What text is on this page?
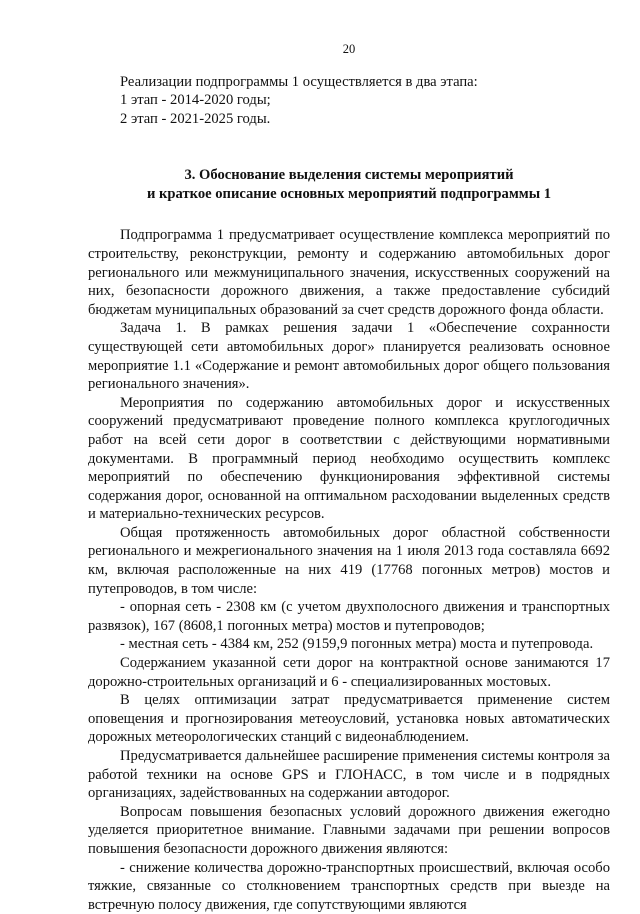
20

Реализации подпрограммы 1 осуществляется в два этапа:

1 этап - 2014-2020 годы;

2 этап - 2021-2025 годы.

3. Обоснование выделения системы мероприятий
и краткое описание основных мероприятий подпрограммы 1

Подпрограмма 1 предусматривает осуществление комплекса мероприятий по строительству, реконструкции, ремонту и содержанию автомобильных дорог регионального или межмуниципального значения, искусственных сооружений на них, безопасности дорожного движения, а также предоставление субсидий бюджетам муниципальных образований за счет средств дорожного фонда области.

Задача 1. В рамках решения задачи 1 «Обеспечение сохранности существующей сети автомобильных дорог» планируется реализовать основное мероприятие 1.1 «Содержание и ремонт автомобильных дорог общего пользования регионального значения».

Мероприятия по содержанию автомобильных дорог и искусственных сооружений предусматривают проведение полного комплекса круглогодичных работ на всей сети дорог в соответствии с действующими нормативными документами. В программный период необходимо осуществить комплекс мероприятий по обеспечению функционирования эффективной системы содержания дорог, основанной на оптимальном расходовании выделенных средств и материально-технических ресурсов.

Общая протяженность автомобильных дорог областной собственности регионального и межрегионального значения на 1 июля 2013 года составляла 6692 км, включая расположенные на них 419 (17768 погонных метров) мостов и путепроводов, в том числе:

- опорная сеть - 2308 км (с учетом двухполосного движения и транспортных развязок), 167 (8608,1 погонных метра) мостов и путепроводов;

- местная сеть - 4384 км, 252 (9159,9 погонных метра) моста и путепровода.

Содержанием указанной сети дорог на контрактной основе занимаются 17 дорожно-строительных организаций и 6 - специализированных мостовых.

В целях оптимизации затрат предусматривается применение систем оповещения и прогнозирования метеоусловий, установка новых автоматических дорожных метеорологических станций с видеонаблюдением.

Предусматривается дальнейшее расширение применения системы контроля за работой техники на основе GPS и ГЛОНАСС, в том числе и в подрядных организациях, задействованных на содержании автодорог.

Вопросам повышения безопасных условий дорожного движения ежегодно уделяется приоритетное внимание. Главными задачами при решении вопросов повышения безопасности дорожного движения являются:

- снижение количества дорожно-транспортных происшествий, включая особо тяжкие, связанные со столкновением транспортных средств при выезде на встречную полосу движения, где сопутствующими являются
